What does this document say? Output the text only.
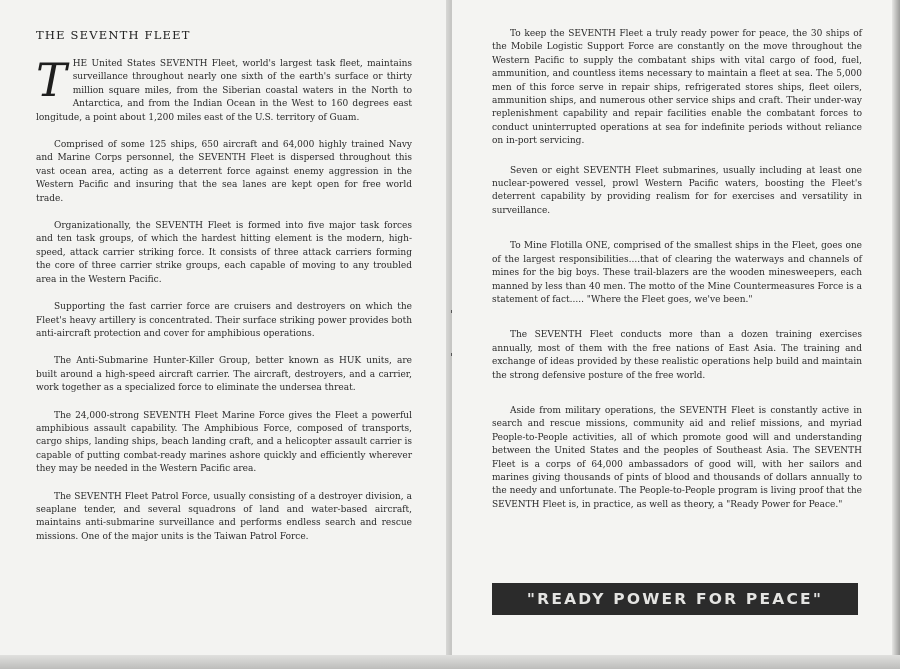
THE SEVENTH FLEET

THE United States SEVENTH Fleet, world's largest task fleet, maintains surveillance throughout nearly one sixth of the earth's surface or thirty million square miles, from the Siberian coastal waters in the North to Antarctica, and from the Indian Ocean in the West to 160 degrees east longitude, a point about 1,200 miles east of the U.S. territory of Guam.

Comprised of some 125 ships, 650 aircraft and 64,000 highly trained Navy and Marine Corps personnel, the SEVENTH Fleet is dispersed throughout this vast ocean area, acting as a deterrent force against enemy aggression in the Western Pacific and insuring that the sea lanes are kept open for free world trade.

Organizationally, the SEVENTH Fleet is formed into five major task forces and ten task groups, of which the hardest hitting element is the modern, high-speed, attack carrier striking force. It consists of three attack carriers forming the core of three carrier strike groups, each capable of moving to any troubled area in the Western Pacific.

Supporting the fast carrier force are cruisers and destroyers on which the Fleet's heavy artillery is concentrated. Their surface striking power provides both anti-aircraft protection and cover for amphibious operations.

The Anti-Submarine Hunter-Killer Group, better known as HUK units, are built around a high-speed aircraft carrier. The aircraft, destroyers, and a carrier, work together as a specialized force to eliminate the undersea threat.

The 24,000-strong SEVENTH Fleet Marine Force gives the Fleet a powerful amphibious assault capability. The Amphibious Force, composed of transports, cargo ships, landing ships, beach landing craft, and a helicopter assault carrier is capable of putting combat-ready marines ashore quickly and efficiently wherever they may be needed in the Western Pacific area.

The SEVENTH Fleet Patrol Force, usually consisting of a destroyer division, a seaplane tender, and several squadrons of land and water-based aircraft, maintains anti-submarine surveillance and performs endless search and rescue missions. One of the major units is the Taiwan Patrol Force.

To keep the SEVENTH Fleet a truly ready power for peace, the 30 ships of the Mobile Logistic Support Force are constantly on the move throughout the Western Pacific to supply the combatant ships with vital cargo of food, fuel, ammunition, and countless items necessary to maintain a fleet at sea. The 5,000 men of this force serve in repair ships, refrigerated stores ships, fleet oilers, ammunition ships, and numerous other service ships and craft. Their under-way replenishment capability and repair facilities enable the combatant forces to conduct uninterrupted operations at sea for indefinite periods without reliance on in-port servicing.

Seven or eight SEVENTH Fleet submarines, usually including at least one nuclear-powered vessel, prowl Western Pacific waters, boosting the Fleet's deterrent capability by providing realism for for exercises and versatility in surveillance.

To Mine Flotilla ONE, comprised of the smallest ships in the Fleet, goes one of the largest responsibilities....that of clearing the waterways and channels of mines for the big boys. These trail-blazers are the wooden minesweepers, each manned by less than 40 men. The motto of the Mine Countermeasures Force is a statement of fact..... "Where the Fleet goes, we've been."

The SEVENTH Fleet conducts more than a dozen training exercises annually, most of them with the free nations of East Asia. The training and exchange of ideas provided by these realistic operations help build and maintain the strong defensive posture of the free world.

Aside from military operations, the SEVENTH Fleet is constantly active in search and rescue missions, community aid and relief missions, and myriad People-to-People activities, all of which promote good will and understanding between the United States and the peoples of Southeast Asia. The SEVENTH Fleet is a corps of 64,000 ambassadors of good will, with her sailors and marines giving thousands of pints of blood and thousands of dollars annually to the needy and unfortunate. The People-to-People program is living proof that the SEVENTH Fleet is, in practice, as well as theory, a "Ready Power for Peace."

"READY POWER FOR PEACE"
